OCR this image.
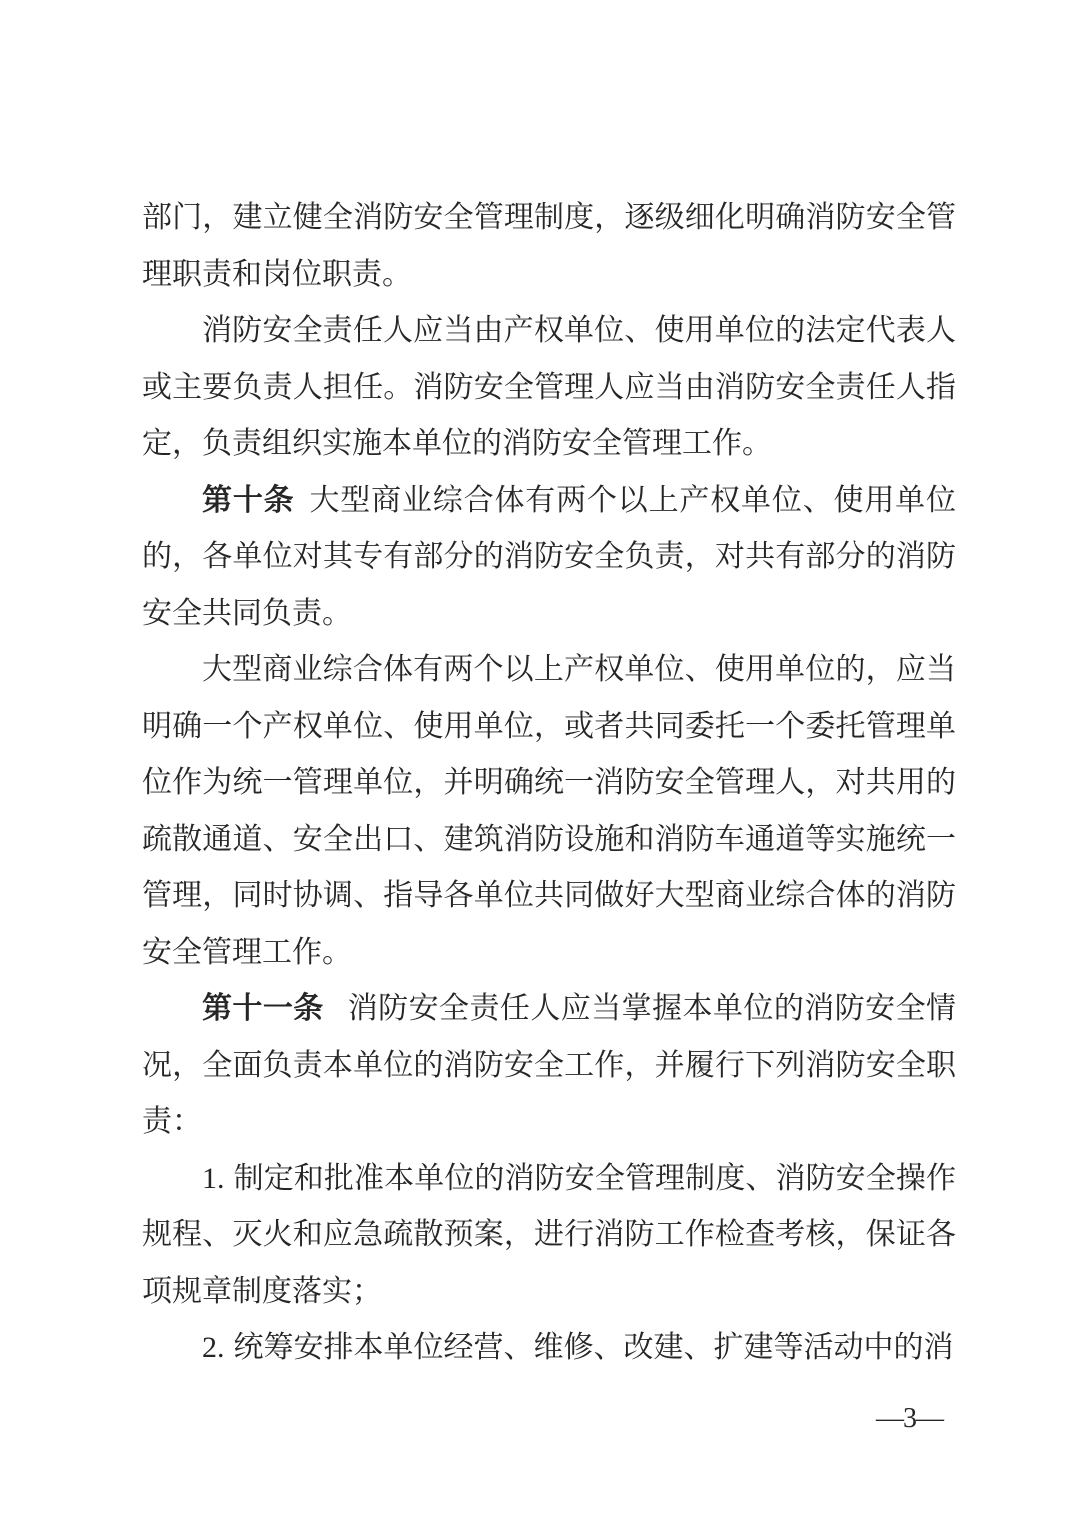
部门，建立健全消防安全管理制度，逐级细化明确消防安全管理职责和岗位职责。

消防安全责任人应当由产权单位、使用单位的法定代表人或主要负责人担任。消防安全管理人应当由消防安全责任人指定，负责组织实施本单位的消防安全管理工作。

第十条 大型商业综合体有两个以上产权单位、使用单位的，各单位对其专有部分的消防安全负责，对共有部分的消防安全共同负责。

大型商业综合体有两个以上产权单位、使用单位的，应当明确一个产权单位、使用单位，或者共同委托一个委托管理单位作为统一管理单位，并明确统一消防安全管理人，对共用的疏散通道、安全出口、建筑消防设施和消防车通道等实施统一管理，同时协调、指导各单位共同做好大型商业综合体的消防安全管理工作。

第十一条 消防安全责任人应当掌握本单位的消防安全情况，全面负责本单位的消防安全工作，并履行下列消防安全职责：

1. 制定和批准本单位的消防安全管理制度、消防安全操作规程、灭火和应急疏散预案，进行消防工作检查考核，保证各项规章制度落实；

2. 统筹安排本单位经营、维修、改建、扩建等活动中的消

—3—
